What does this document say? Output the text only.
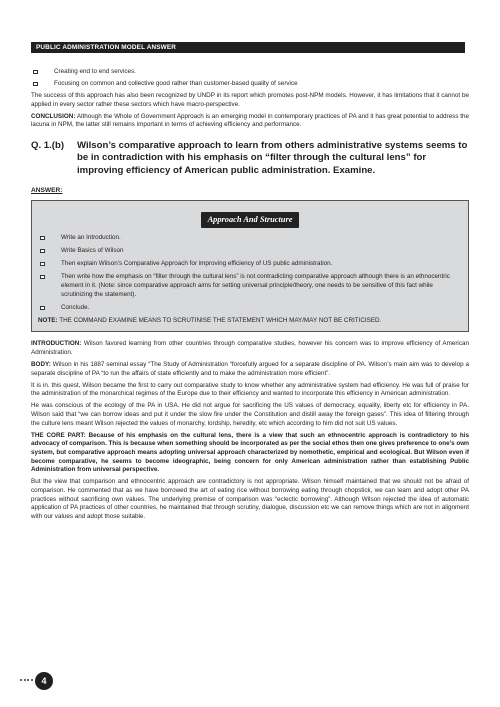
PUBLIC ADMINISTRATION MODEL ANSWER
Creating end to end services.
Focusing on common and collective good rather than customer-based quality of service

The success of this approach has also been recognized by UNDP in its report which promotes post-NPM models. However, it has limitations that it cannot be applied in every sector rather these sectors which have macro-perspective.

CONCLUSION: Although the Whole of Government Approach is an emerging model in contemporary practices of PA and it has great potential to address the lacuna in NPM, the latter still remains important in terms of achieving efficiency and performance.

Q. 1.(b)	Wilson’s comparative approach to learn from others administrative systems seems to be in contradiction with his emphasis on “filter through the cultural lens” for improving efficiency of American public administration. Examine.
ANSWER:
Approach And Structure
Write an Introduction.
Write Basics of Wilson
Then explain Wilson’s Comparative Approach for improving efficiency of US public administration.
Then write how the emphasis on “filter through the cultural lens” is not contradicting comparative approach although there is an ethnocentric element in it. (Note: since comparative approach aims for setting universal principle/theory, one needs to be sensitive of this fact while scrutinizing the statement).
Conclude.
NOTE: THE COMMAND EXAMINE MEANS TO SCRUTINISE THE STATEMENT WHICH MAY/MAY NOT BE CRITICISED.

INTRODUCTION: Wilson favored learning from other countries through comparative studies, however his concern was to improve efficiency of American Administration.

BODY: Wilson in his 1887 seminal essay “The Study of Administration “forcefully argued for a separate discipline of PA. Wilson’s main aim was to develop a separate discipline of PA “to run the affairs of state efficiently and to make the administration more efficient”.

It is in. this quest, Wilson became the first to carry out comparative study to know whether any administrative system had efficiency. He was full of praise for the administration of the monarchical regimes of the Europe due to their efficiency and wanted to incorporate this efficiency in American administration.

He was conscious of the ecology of the PA in USA. He did not argue for sacrificing the US values of democracy, equality, liberty etc for efficiency in PA. Wilson said that “we can borrow ideas and put it under the slow fire under the Constitution and distill away the foreign gases”. This idea of filtering through the culture lens meant Wilson rejected the values of monarchy, lordship, heredity, etc which according to him did not suit US values.

THE CORE PART: Because of his emphasis on the cultural lens, there is a view that such an ethnocentric approach is contradictory to his advocacy of comparison. This is because when something should be incorporated as per the social ethos then one gives preference to one’s own system, but comparative approach means adopting universal approach characterized by nomothetic, empirical and ecological. But Wilson even if become comparative, he seems to become ideographic, being concern for only American administration rather than establishing Public Administration from universal perspective.

But the view that comparison and ethnocentric approach are contradictory is not appropriate. Wilson himself maintained that we should not be afraid of comparison. He commented that as we have borrowed the art of eating rice without borrowing eating through chopstick, we can learn and adopt other PA practices without sacrificing own values. The underlying premise of comparison was “eclectic borrowing”. Although Wilson rejected the idea of automatic application of PA practices of other countries, he maintained that through scrutiny, dialogue, discussion etc we can remove things which are not in alignment with our values and adopt those suitable.

4
